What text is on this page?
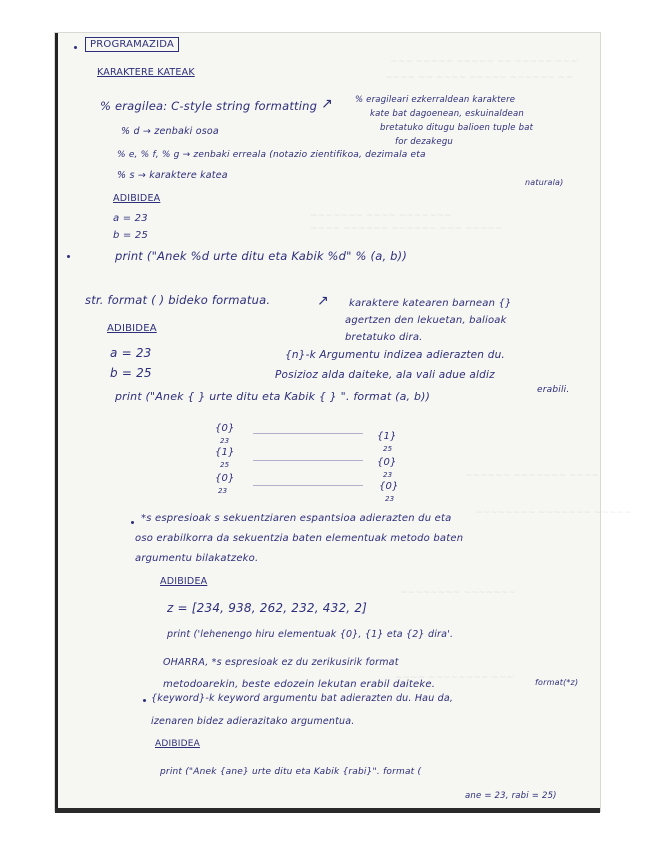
~~~ ~~~~~ ~~~~~ ~~ ~~~~~ ~~~
~~~~ ~~ ~~~~ ~~~~~ ~~~~~~ ~~
~~~~~~~ ~~~~ ~~~~~~~
~~~~ ~~~~~~ ~~~~~~ ~~~ ~~~~~
~~~~~~ ~~~~~~~ ~~~~
~~~~~~~~ ~~~~~~~ ~~~~~
~~~~~~~~ ~~~~~~~
~~~~ ~~~~~~~~ ~~~
PROGRAMAZIDA
KARAKTERE KATEAK
% eragilea: C-style string formatting ↗	% eragileari ezkerraldean karaktere
kate bat dagoenean, eskuinaldean
bretatuko ditugu balioen tuple bat
for dezakegu
% d → zenbaki osoa
% e, % f, % g → zenbaki erreala (notazio zientifikoa, dezimala eta
naturala)
% s → karaktere katea
ADIBIDEA
a = 23
b = 25
print ("Anek %d urte ditu eta Kabik %d" % (a, b))
str. format ( ) bideko formatua.	↗ karaktere katearen barnean {}
agertzen den lekuetan, balioak
bretatuko dira.
ADIBIDEA
a = 23
b = 25
{n}-k Argumentu indizea adierazten du.
Posizioz alda daiteke, ala vali adue aldiz
erabili.
print ("Anek { } urte ditu eta Kabik { } ". format (a, b))
{0}
23	{1}
25
{1}
25	{0}
23
{0}
23	{0}
23
*s espresioak s sekuentziaren espantsioa adierazten du eta
oso erabilkorra da sekuentzia baten elementuak metodo baten
argumentu bilakatzeko.
ADIBIDEA
z = [234, 938, 262, 232, 432, 2]
print ('lehenengo hiru elementuak {0}, {1} eta {2} dira'.
OHARRA, *s espresioak ez du zerikusirik format
format(*z)
metodoarekin, beste edozein lekutan erabil daiteke.
{keyword}-k keyword argumentu bat adierazten du. Hau da,
izenaren bidez adierazitako argumentua.
ADIBIDEA
print ("Anek {ane} urte ditu eta Kabik {rabi}". format (
ane = 23, rabi = 25)
